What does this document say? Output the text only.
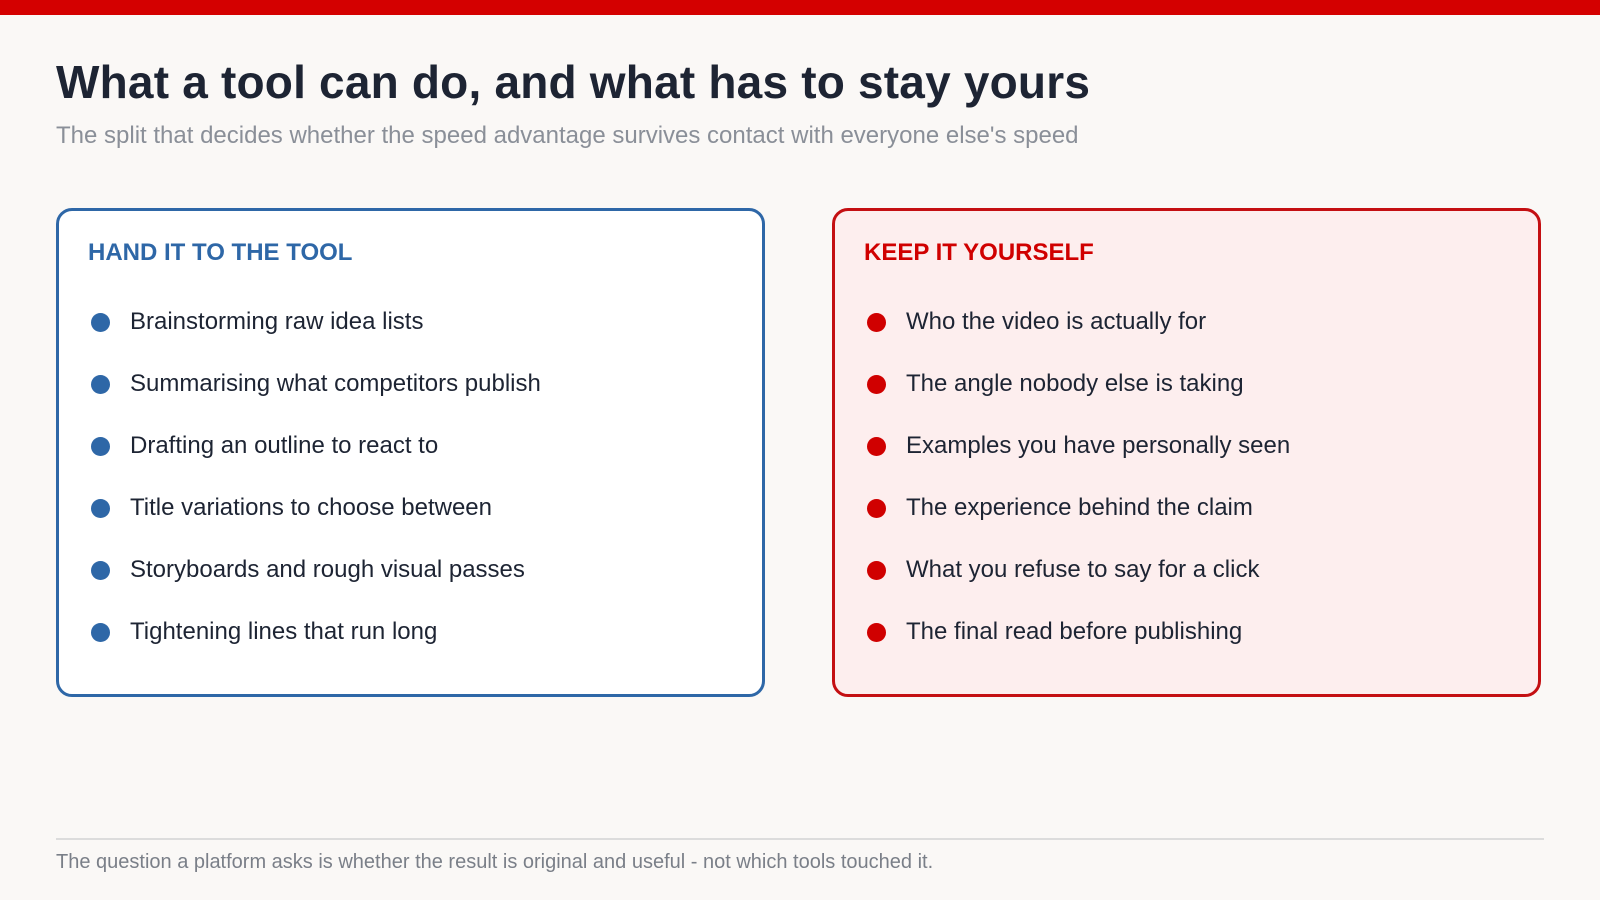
What a tool can do, and what has to stay yours

The split that decides whether the speed advantage survives contact with everyone else's speed

HAND IT TO THE TOOL
Brainstorming raw idea lists
Summarising what competitors publish
Drafting an outline to react to
Title variations to choose between
Storyboards and rough visual passes
Tightening lines that run long
KEEP IT YOURSELF
Who the video is actually for
The angle nobody else is taking
Examples you have personally seen
The experience behind the claim
What you refuse to say for a click
The final read before publishing

The question a platform asks is whether the result is original and useful - not which tools touched it.
